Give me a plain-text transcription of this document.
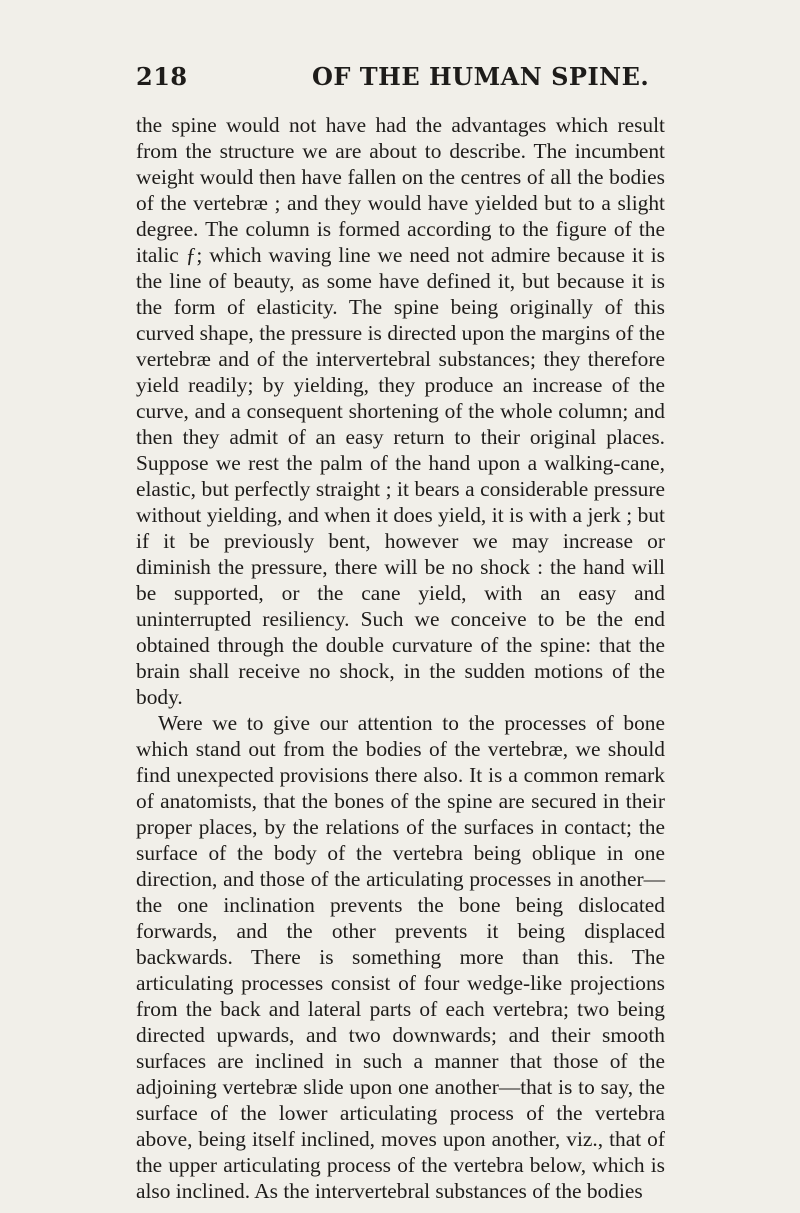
218	OF THE HUMAN SPINE.

the spine would not have had the advantages which result from the structure we are about to describe. The incumbent weight would then have fallen on the centres of all the bodies of the vertebræ ; and they would have yielded but to a slight degree. The column is formed according to the figure of the italic ƒ; which waving line we need not admire because it is the line of beauty, as some have defined it, but because it is the form of elasticity. The spine being originally of this curved shape, the pressure is directed upon the margins of the vertebræ and of the intervertebral substances; they therefore yield readily; by yielding, they produce an increase of the curve, and a consequent shortening of the whole column; and then they admit of an easy return to their original places. Suppose we rest the palm of the hand upon a walking-cane, elastic, but perfectly straight ; it bears a considerable pressure without yielding, and when it does yield, it is with a jerk ; but if it be previously bent, however we may increase or diminish the pressure, there will be no shock : the hand will be supported, or the cane yield, with an easy and uninterrupted resiliency. Such we conceive to be the end obtained through the double curvature of the spine: that the brain shall receive no shock, in the sudden motions of the body.

Were we to give our attention to the processes of bone which stand out from the bodies of the vertebræ, we should find unexpected provisions there also. It is a common remark of anatomists, that the bones of the spine are secured in their proper places, by the relations of the surfaces in contact; the surface of the body of the vertebra being oblique in one direction, and those of the articulating processes in another—the one inclination prevents the bone being dislocated forwards, and the other prevents it being displaced backwards. There is something more than this. The articulating processes consist of four wedge-like projections from the back and lateral parts of each vertebra; two being directed upwards, and two downwards; and their smooth surfaces are inclined in such a manner that those of the adjoining vertebræ slide upon one another—that is to say, the surface of the lower articulating process of the vertebra above, being itself inclined, moves upon another, viz., that of the upper articulating process of the vertebra below, which is also inclined. As the intervertebral substances of the bodies
